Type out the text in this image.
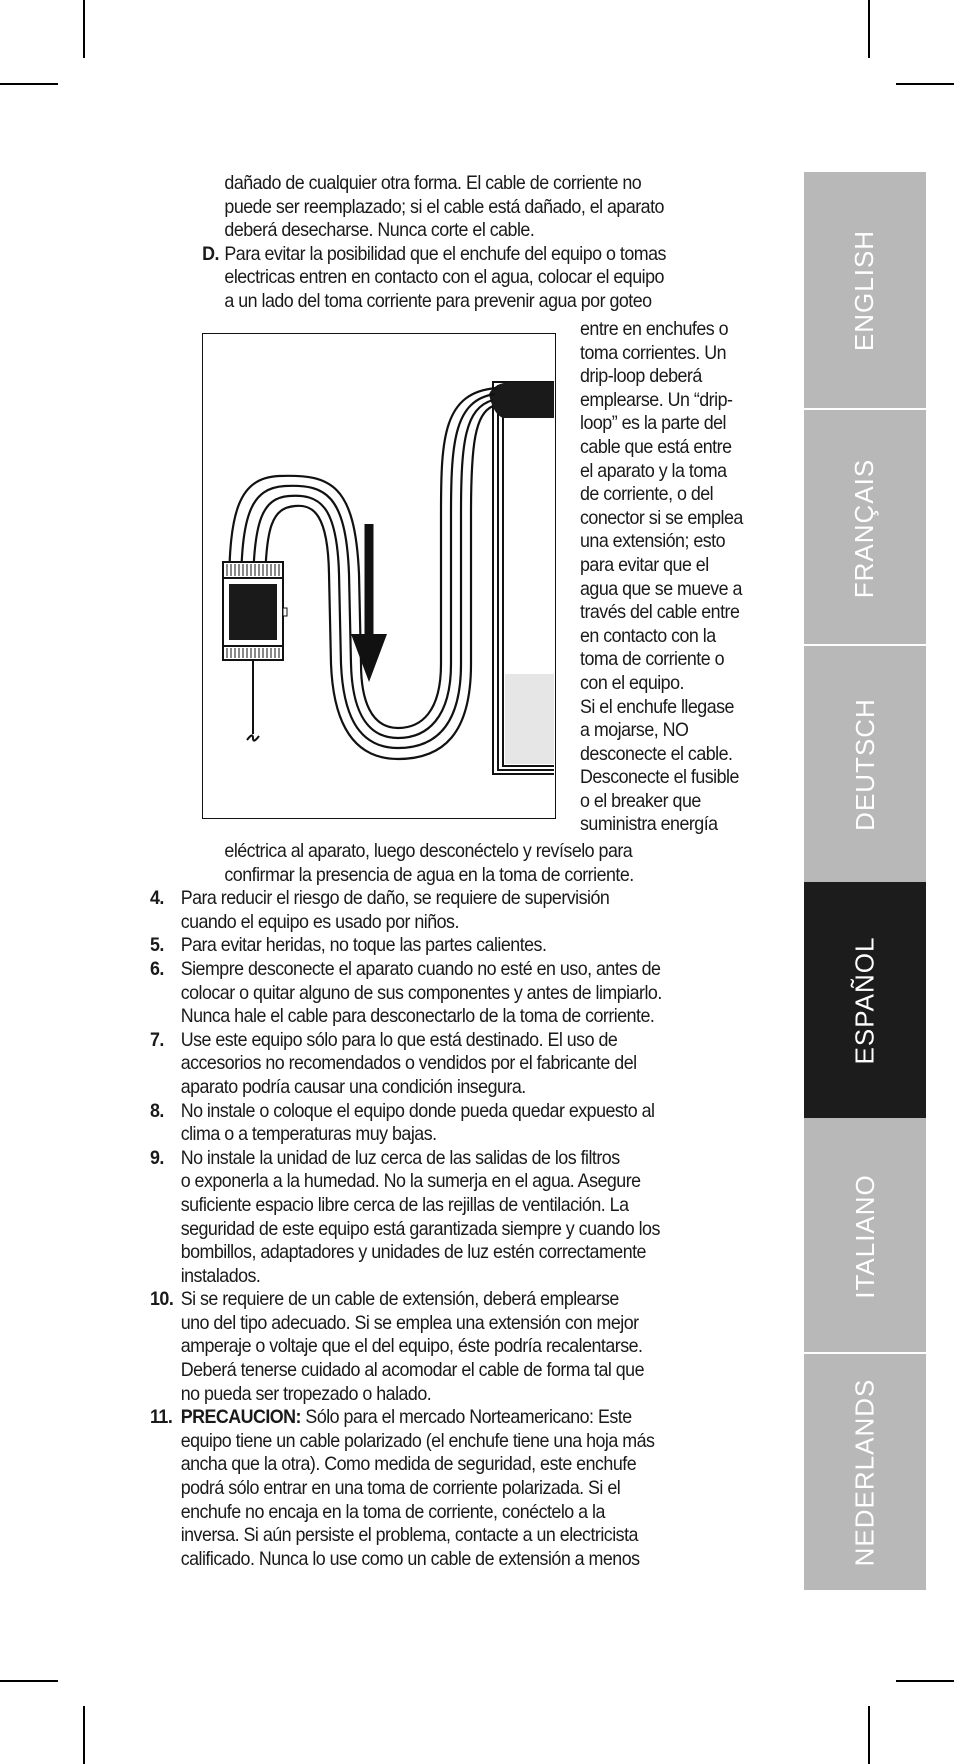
dañado de cualquier otra forma. El cable de corriente no
puede ser reemplazado; si el cable está dañado, el aparato
deberá desecharse. Nunca corte el cable.
D. Para evitar la posibilidad que el enchufe del equipo o tomas
electricas entren en contacto con el agua, colocar el equipo
a un lado del toma corriente para prevenir agua por goteo
entre en enchufes o
toma corrientes. Un
drip-loop deberá
emplearse. Un “drip-
loop” es la parte del
cable que está entre
el aparato y la toma
de corriente, o del
conector si se emplea
una extensión; esto
para evitar que el
agua que se mueve a
través del cable entre
en contacto con la
toma de corriente o
con el equipo.
Si el enchufe llegase
a mojarse, NO
desconecte el cable.
Desconecte el fusible
o el breaker que
suministra energía
eléctrica al aparato, luego desconéctelo y revíselo para
confirmar la presencia de agua en la toma de corriente.
4. Para reducir el riesgo de daño, se requiere de supervisión
cuando el equipo es usado por niños.
5. Para evitar heridas, no toque las partes calientes.
6. Siempre desconecte el aparato cuando no esté en uso, antes de
colocar o quitar alguno de sus componentes y antes de limpiarlo.
Nunca hale el cable para desconectarlo de la toma de corriente.
7. Use este equipo sólo para lo que está destinado. El uso de
accesorios no recomendados o vendidos por el fabricante del
aparato podría causar una condición insegura.
8. No instale o coloque el equipo donde pueda quedar expuesto al
clima o a temperaturas muy bajas.
9. No instale la unidad de luz cerca de las salidas de los filtros
o exponerla a la humedad. No la sumerja en el agua. Asegure
suficiente espacio libre cerca de las rejillas de ventilación. La
seguridad de este equipo está garantizada siempre y cuando los
bombillos, adaptadores y unidades de luz estén correctamente
instalados.
10. Si se requiere de un cable de extensión, deberá emplearse
uno del tipo adecuado. Si se emplea una extensión con mejor
amperaje o voltaje que el del equipo, éste podría recalentarse.
Deberá tenerse cuidado al acomodar el cable de forma tal que
no pueda ser tropezado o halado.
11. PRECAUCION: Sólo para el mercado Norteamericano: Este
equipo tiene un cable polarizado (el enchufe tiene una hoja más
ancha que la otra). Como medida de seguridad, este enchufe
podrá sólo entrar en una toma de corriente polarizada. Si el
enchufe no encaja en la toma de corriente, conéctelo a la
inversa. Si aún persiste el problema, contacte a un electricista
calificado. Nunca lo use como un cable de extensión a menos
ENGLISH
FRANÇAIS
DEUTSCH
ESPAÑOL
ITALIANO
NEDERLANDS
